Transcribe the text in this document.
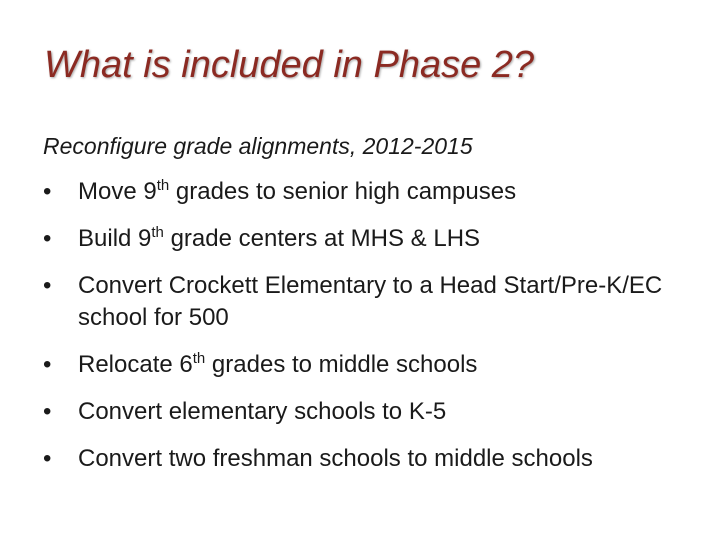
What is included in Phase 2?
Reconfigure grade alignments, 2012-2015
• Move 9th grades to senior high campuses
• Build 9th grade centers at MHS & LHS
• Convert Crockett Elementary to a Head Start/Pre-K/EC school for 500
• Relocate 6th grades to middle schools
• Convert elementary schools to K-5
• Convert two freshman schools to middle schools
